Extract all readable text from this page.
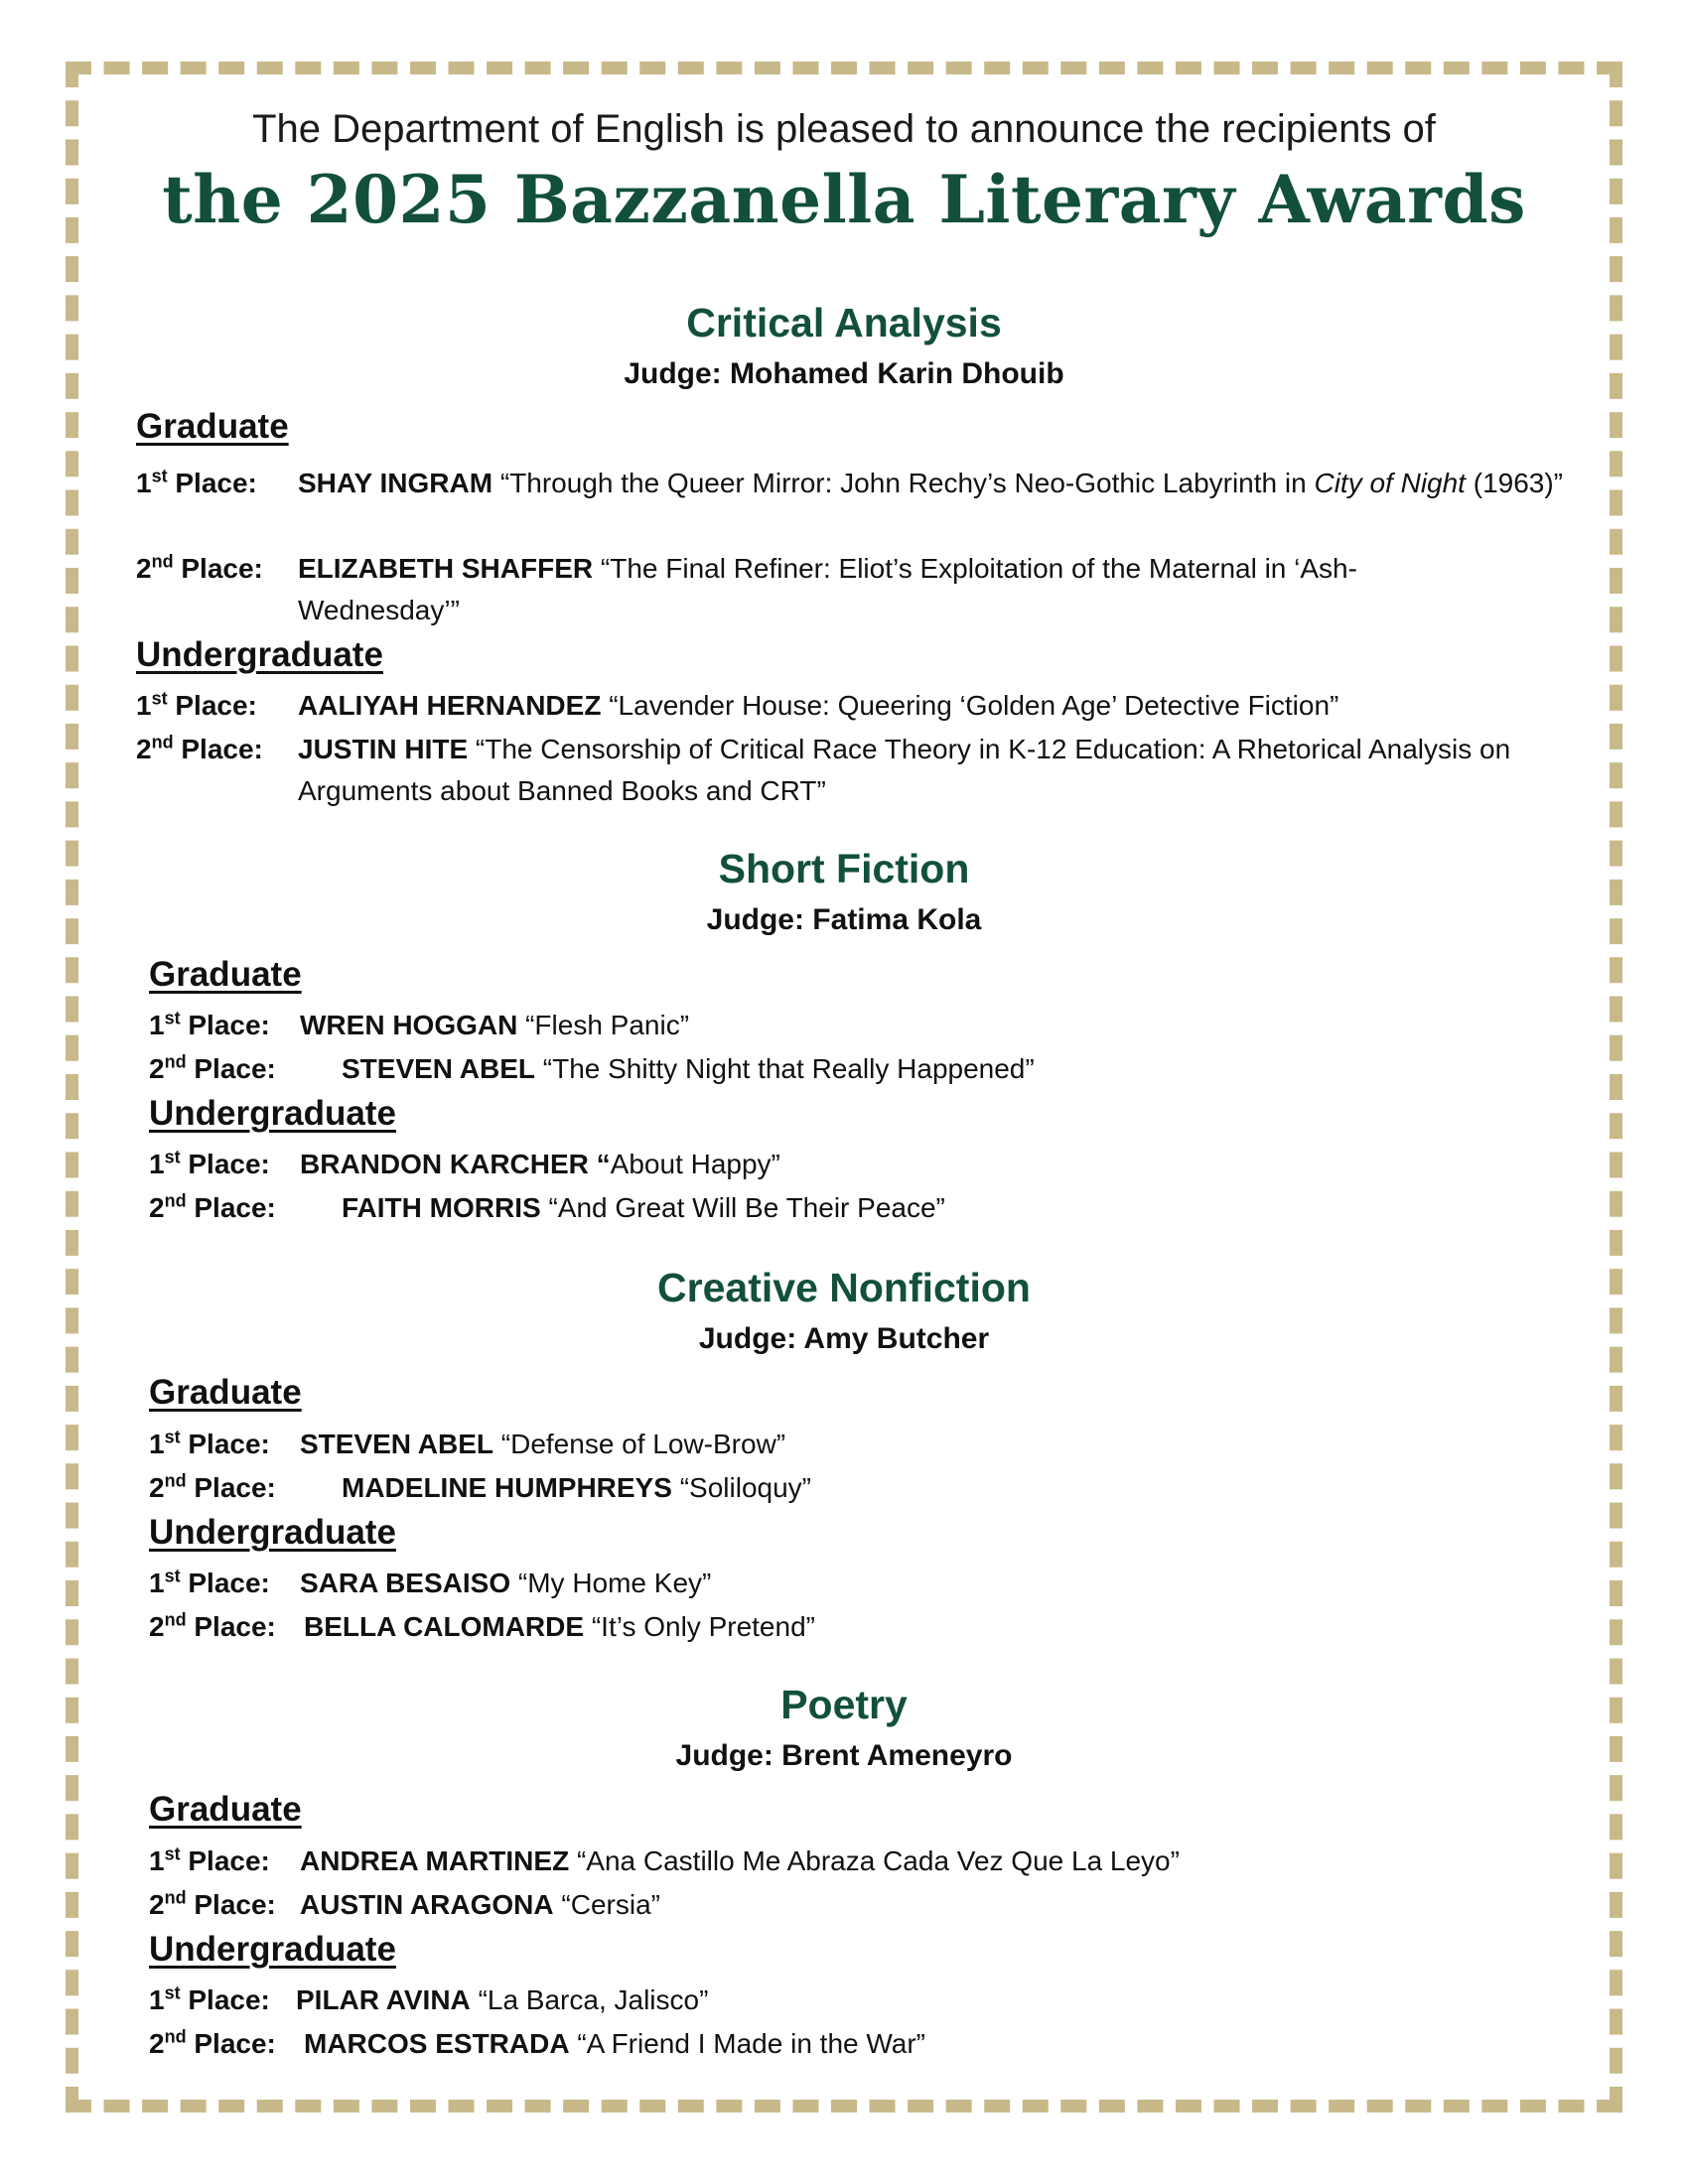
The Department of English is pleased to announce the recipients of
the 2025 Bazzanella Literary Awards
Critical Analysis
Judge: Mohamed Karin Dhouib
Graduate
1st Place: SHAY INGRAM “Through the Queer Mirror: John Rechy’s Neo-Gothic Labyrinth in City of Night (1963)”
2nd Place: ELIZABETH SHAFFER “The Final Refiner: Eliot’s Exploitation of the Maternal in ‘Ash-Wednesday’”
Undergraduate
1st Place: AALIYAH HERNANDEZ “Lavender House: Queering ‘Golden Age’ Detective Fiction”
2nd Place: JUSTIN HITE “The Censorship of Critical Race Theory in K-12 Education: A Rhetorical Analysis on Arguments about Banned Books and CRT”
Short Fiction
Judge: Fatima Kola
Graduate
1st Place: WREN HOGGAN “Flesh Panic”
2nd Place: STEVEN ABEL “The Shitty Night that Really Happened”
Undergraduate
1st Place: BRANDON KARCHER “About Happy”
2nd Place: FAITH MORRIS “And Great Will Be Their Peace”
Creative Nonfiction
Judge: Amy Butcher
Graduate
1st Place: STEVEN ABEL “Defense of Low-Brow”
2nd Place: MADELINE HUMPHREYS “Soliloquy”
Undergraduate
1st Place: SARA BESAISO “My Home Key”
2nd Place: BELLA CALOMARDE “It’s Only Pretend”
Poetry
Judge: Brent Ameneyro
Graduate
1st Place: ANDREA MARTINEZ “Ana Castillo Me Abraza Cada Vez Que La Leyo”
2nd Place: AUSTIN ARAGONA “Cersia”
Undergraduate
1st Place: PILAR AVINA “La Barca, Jalisco”
2nd Place: MARCOS ESTRADA “A Friend I Made in the War”
